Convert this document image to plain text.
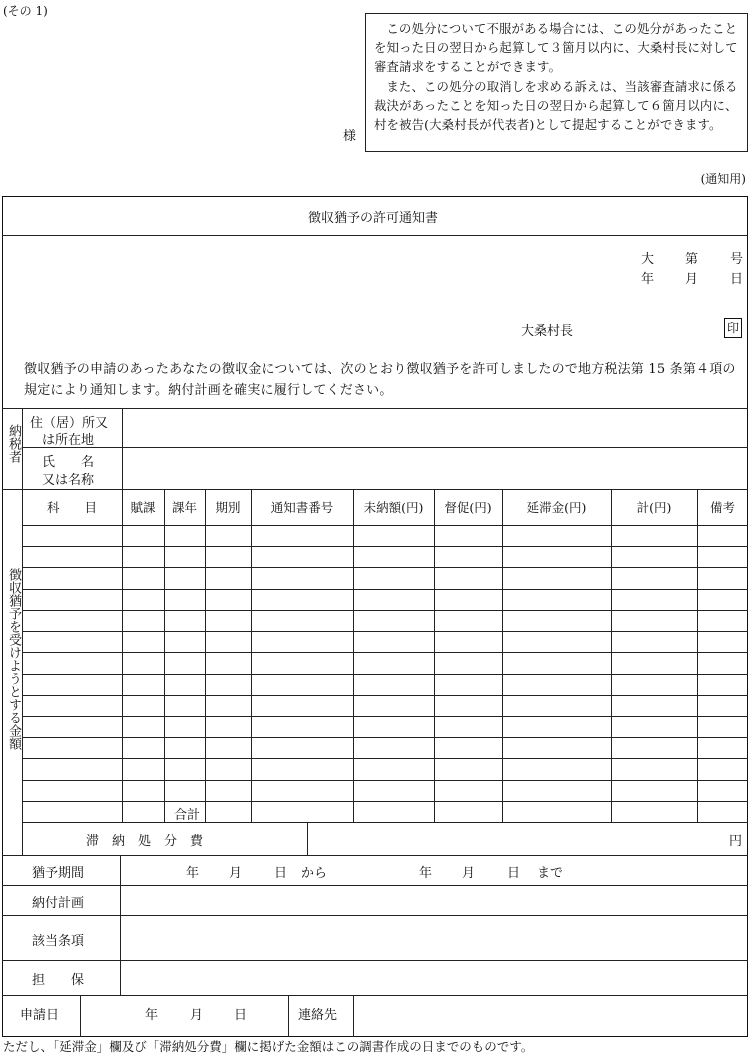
(その 1)

この処分について不服がある場合には、この処分があったことを知った日の翌日から起算して３箇月以内に、大桑村長に対して審査請求をすることができます。

また、この処分の取消しを求める訴えは、当該審査請求に係る裁決があったことを知った日の翌日から起算して６箇月以内に、村を被告(大桑村長が代表者)として提起することができます。

様
(通知用)
徴収猶予の許可通知書
大 第 号
年 月 日
大桑村長	印
徴収猶予の申請のあったあなたの徴収金については、次のとおり徴収猶予を許可しましたので地方税法第 15 条第４項の規定により通知します。納付計画を確実に履行してください。
納税者
住（居）所又
は所在地
氏　　名
又は名称
徴収猶予を受けようとする金額
科　　目	賦課	課年	期別	通知書番号	未納額(円)	督促(円)	延滞金(円)	計(円)	備考
合計
滞　納　処　分　費	円
猶予期間	年 月 日 から	年 月 日 まで
納付計画
該当条項
担　　保
申請日	年 月 日	連絡先
ただし、「延滞金」欄及び「滞納処分費」欄に掲げた金額はこの調書作成の日までのものです。
